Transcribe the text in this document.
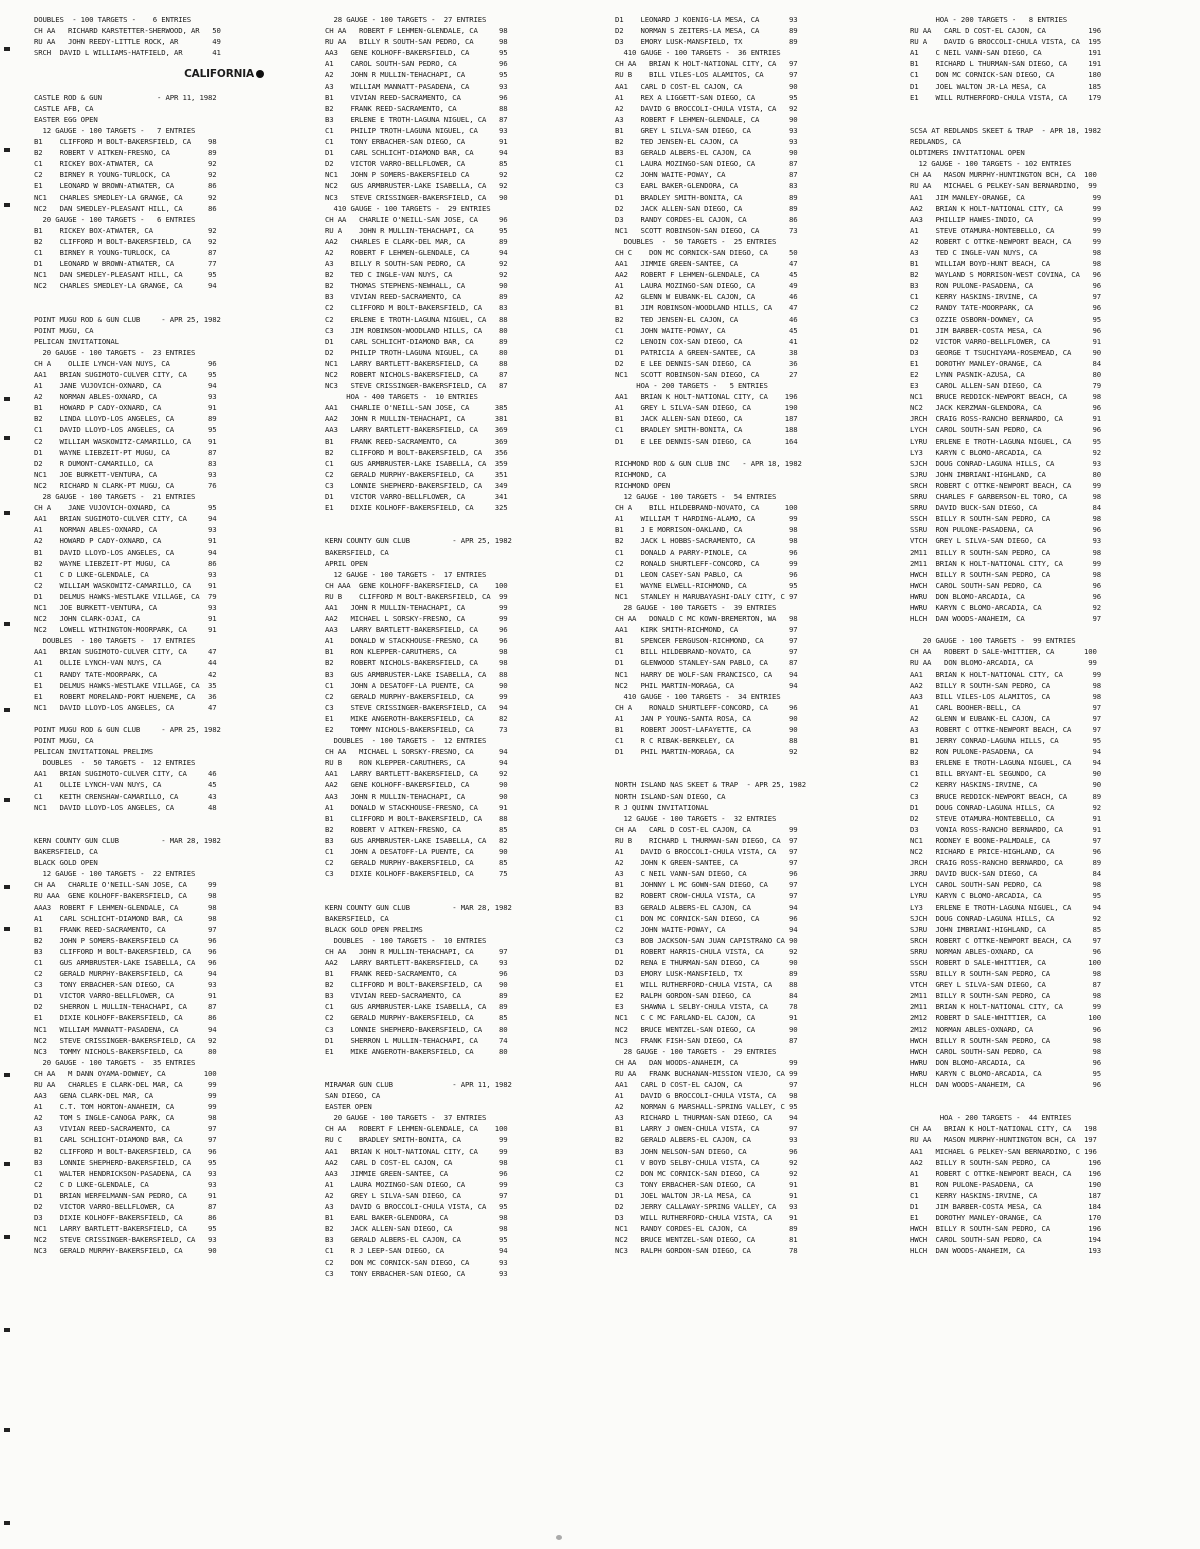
DOUBLES  - 100 TARGETS -    6 ENTRIES
CH AA   RICHARD KARSTETTER-SHERWOOD, AR   50
RU AA   JOHN REEDY-LITTLE ROCK, AR        49
SRCH  DAVID L WILLIAMS-HATFIELD, AR       41
CALIFORNIA
CASTLE ROD & GUN             - APR 11, 1982
CASTLE AFB, CA
EASTER EGG OPEN
12 GAUGE - 100 TARGETS -   7 ENTRIES
B1    CLIFFORD M BOLT-BAKERSFIELD, CA    98
B2    ROBERT V AITKEN-FRESNO, CA         89
C1    RICKEY BOX-ATWATER, CA             92
C2    BIRNEY R YOUNG-TURLOCK, CA         92
E1    LEONARD W BROWN-ATWATER, CA        86
NC1   CHARLES SMEDLEY-LA GRANGE, CA      92
NC2   DAN SMEDLEY-PLEASANT HILL, CA      86
20 GAUGE - 100 TARGETS -   6 ENTRIES
B1    RICKEY BOX-ATWATER, CA             92
B2    CLIFFORD M BOLT-BAKERSFIELD, CA    92
C1    BIRNEY R YOUNG-TURLOCK, CA         87
D1    LEONARD W BROWN-ATWATER, CA        77
NC1   DAN SMEDLEY-PLEASANT HILL, CA      95
NC2   CHARLES SMEDLEY-LA GRANGE, CA      94
POINT MUGU ROD & GUN CLUB     - APR 25, 1982
POINT MUGU, CA
PELICAN INVITATIONAL
20 GAUGE - 100 TARGETS -  23 ENTRIES
CH A    OLLIE LYNCH-VAN NUYS, CA         96
AA1   BRIAN SUGIMOTO-CULVER CITY, CA     95
A1    JANE VUJOVICH-OXNARD, CA           94
A2    NORMAN ABLES-OXNARD, CA            93
B1    HOWARD P CADY-OXNARD, CA           91
B2    LINDA LLOYD-LOS ANGELES, CA        89
C1    DAVID LLOYD-LOS ANGELES, CA        95
C2    WILLIAM WASKOWITZ-CAMARILLO, CA    91
D1    WAYNE LIEBZEIT-PT MUGU, CA         87
D2    R DUMONT-CAMARILLO, CA             83
NC1   JOE BURKETT-VENTURA, CA            93
NC2   RICHARD N CLARK-PT MUGU, CA        76
28 GAUGE - 100 TARGETS -  21 ENTRIES
CH A    JANE VUJOVICH-OXNARD, CA         95
AA1   BRIAN SUGIMOTO-CULVER CITY, CA     94
A1    NORMAN ABLES-OXNARD, CA            93
A2    HOWARD P CADY-OXNARD, CA           91
B1    DAVID LLOYD-LOS ANGELES, CA        94
B2    WAYNE LIEBZEIT-PT MUGU, CA         86
C1    C D LUKE-GLENDALE, CA              93
C2    WILLIAM WASKOWITZ-CAMARILLO, CA    91
D1    DELMUS HAWKS-WESTLAKE VILLAGE, CA  79
NC1   JOE BURKETT-VENTURA, CA            93
NC2   JOHN CLARK-OJAI, CA                91
NC2   LOWELL WITHINGTON-MOORPARK, CA     91
DOUBLES  - 100 TARGETS -  17 ENTRIES
AA1   BRIAN SUGIMOTO-CULVER CITY, CA     47
A1    OLLIE LYNCH-VAN NUYS, CA           44
C1    RANDY TATE-MOORPARK, CA            42
E1    DELMUS HAWKS-WESTLAKE VILLAGE, CA  35
E1    ROBERT MORELAND-PORT HUENEME, CA   36
NC1   DAVID LLOYD-LOS ANGELES, CA        47
POINT MUGU ROD & GUN CLUB     - APR 25, 1982
POINT MUGU, CA
PELICAN INVITATIONAL PRELIMS
DOUBLES  -  50 TARGETS -  12 ENTRIES
AA1   BRIAN SUGIMOTO-CULVER CITY, CA     46
A1    OLLIE LYNCH-VAN NUYS, CA           45
C1    KEITH CRENSHAW-CAMARILLO, CA       43
NC1   DAVID LLOYD-LOS ANGELES, CA        48
KERN COUNTY GUN CLUB          - MAR 28, 1982
BAKERSFIELD, CA
BLACK GOLD OPEN
12 GAUGE - 100 TARGETS -  22 ENTRIES
CH AA   CHARLIE O'NEILL-SAN JOSE, CA     99
RU AAA  GENE KOLHOFF-BAKERSFIELD, CA     98
AAA3  ROBERT F LEHMEN-GLENDALE, CA       98
A1    CARL SCHLICHT-DIAMOND BAR, CA      98
B1    FRANK REED-SACRAMENTO, CA          97
B2    JOHN P SOMERS-BAKERSFIELD CA       96
B3    CLIFFORD M BOLT-BAKERSFIELD, CA    96
C1    GUS ARMBRUSTER-LAKE ISABELLA, CA   96
C2    GERALD MURPHY-BAKERSFIELD, CA      94
C3    TONY ERBACHER-SAN DIEGO, CA        93
D1    VICTOR VARRO-BELLFLOWER, CA        91
D2    SHERRON L MULLIN-TEHACHAPI, CA     87
E1    DIXIE KOLHOFF-BAKERSFIELD, CA      86
NC1   WILLIAM MANNATT-PASADENA, CA       94
NC2   STEVE CRISSINGER-BAKERSFIELD, CA   92
NC3   TOMMY NICHOLS-BAKERSFIELD, CA      80
20 GAUGE - 100 TARGETS -  35 ENTRIES
CH AA   M DANN OYAMA-DOWNEY, CA         100
RU AA   CHARLES E CLARK-DEL MAR, CA      99
AA3   GENA CLARK-DEL MAR, CA             99
A1    C.T. TOM HORTON-ANAHEIM, CA        99
A2    TOM S INGLE-CANOGA PARK, CA        98
A3    VIVIAN REED-SACRAMENTO, CA         97
B1    CARL SCHLICHT-DIAMOND BAR, CA      97
B2    CLIFFORD M BOLT-BAKERSFIELD, CA    96
B3    LONNIE SHEPHERD-BAKERSFIELD, CA    95
C1    WALTER HENDRICKSON-PASADENA, CA    93
C2    C D LUKE-GLENDALE, CA              93
D1    BRIAN WERFELMANN-SAN PEDRO, CA     91
D2    VICTOR VARRO-BELLFLOWER, CA        87
D3    DIXIE KOLHOFF-BAKERSFIELD, CA      86
NC1   LARRY BARTLETT-BAKERSFIELD, CA     95
NC2   STEVE CRISSINGER-BAKERSFIELD, CA   93
NC3   GERALD MURPHY-BAKERSFIELD, CA      90
28 GAUGE - 100 TARGETS -  27 ENTRIES
CH AA   ROBERT F LEHMEN-GLENDALE, CA     98
RU AA   BILLY R SOUTH-SAN PEDRO, CA      98
AA3   GENE KOLHOFF-BAKERSFIELD, CA       95
A1    CAROL SOUTH-SAN PEDRO, CA          96
A2    JOHN R MULLIN-TEHACHAPI, CA        95
A3    WILLIAM MANNATT-PASADENA, CA       93
B1    VIVIAN REED-SACRAMENTO, CA         96
B2    FRANK REED-SACRAMENTO, CA          88
B3    ERLENE E TROTH-LAGUNA NIGUEL, CA   87
C1    PHILIP TROTH-LAGUNA NIGUEL, CA     93
C1    TONY ERBACHER-SAN DIEGO, CA        91
D1    CARL SCHLICHT-DIAMOND BAR, CA      94
D2    VICTOR VARRO-BELLFLOWER, CA        85
NC1   JOHN P SOMERS-BAKERSFIELD CA       92
NC2   GUS ARMBRUSTER-LAKE ISABELLA, CA   92
NC3   STEVE CRISSINGER-BAKERSFIELD, CA   90
410 GAUGE - 100 TARGETS -  29 ENTRIES
CH AA   CHARLIE O'NEILL-SAN JOSE, CA     96
RU A    JOHN R MULLIN-TEHACHAPI, CA      95
AA2   CHARLES E CLARK-DEL MAR, CA        89
A2    ROBERT F LEHMEN-GLENDALE, CA       94
A3    BILLY R SOUTH-SAN PEDRO, CA        92
B2    TED C INGLE-VAN NUYS, CA           92
B2    THOMAS STEPHENS-NEWHALL, CA        90
B3    VIVIAN REED-SACRAMENTO, CA         89
C2    CLIFFORD M BOLT-BAKERSFIELD, CA    83
C2    ERLENE E TROTH-LAGUNA NIGUEL, CA   88
C3    JIM ROBINSON-WOODLAND HILLS, CA    80
D1    CARL SCHLICHT-DIAMOND BAR, CA      89
D2    PHILIP TROTH-LAGUNA NIGUEL, CA     80
NC1   LARRY BARTLETT-BAKERSFIELD, CA     88
NC2   ROBERT NICHOLS-BAKERSFIELD, CA     87
NC3   STEVE CRISSINGER-BAKERSFIELD, CA   87
HOA - 400 TARGETS -  10 ENTRIES
AA1   CHARLIE O'NEILL-SAN JOSE, CA      385
AA2   JOHN R MULLIN-TEHACHAPI, CA       381
AA3   LARRY BARTLETT-BAKERSFIELD, CA    369
B1    FRANK REED-SACRAMENTO, CA         369
B2    CLIFFORD M BOLT-BAKERSFIELD, CA   356
C1    GUS ARMBRUSTER-LAKE ISABELLA, CA  359
C2    GERALD MURPHY-BAKERSFIELD, CA     351
C3    LONNIE SHEPHERD-BAKERSFIELD, CA   349
D1    VICTOR VARRO-BELLFLOWER, CA       341
E1    DIXIE KOLHOFF-BAKERSFIELD, CA     325
KERN COUNTY GUN CLUB          - APR 25, 1982
BAKERSFIELD, CA
APRIL OPEN
12 GAUGE - 100 TARGETS -  17 ENTRIES
CH AAA  GENE KOLHOFF-BAKERSFIELD, CA    100
RU B    CLIFFORD M BOLT-BAKERSFIELD, CA  99
AA1   JOHN R MULLIN-TEHACHAPI, CA        99
AA2   MICHAEL L SORSKY-FRESNO, CA        99
AA3   LARRY BARTLETT-BAKERSFIELD, CA     96
A1    DONALD W STACKHOUSE-FRESNO, CA     96
B1    RON KLEPPER-CARUTHERS, CA          98
B2    ROBERT NICHOLS-BAKERSFIELD, CA     98
B3    GUS ARMBRUSTER-LAKE ISABELLA, CA   88
C1    JOHN A DESATOFF-LA PUENTE, CA      90
C2    GERALD MURPHY-BAKERSFIELD, CA      99
C3    STEVE CRISSINGER-BAKERSFIELD, CA   94
E1    MIKE ANGEROTH-BAKERSFIELD, CA      82
E2    TOMMY NICHOLS-BAKERSFIELD, CA      73
DOUBLES  - 100 TARGETS -  12 ENTRIES
CH AA   MICHAEL L SORSKY-FRESNO, CA      94
RU B    RON KLEPPER-CARUTHERS, CA        94
AA1   LARRY BARTLETT-BAKERSFIELD, CA     92
AA2   GENE KOLHOFF-BAKERSFIELD, CA       90
AA3   JOHN R MULLIN-TEHACHAPI, CA        90
A1    DONALD W STACKHOUSE-FRESNO, CA     91
B1    CLIFFORD M BOLT-BAKERSFIELD, CA    88
B2    ROBERT V AITKEN-FRESNO, CA         85
B3    GUS ARMBRUSTER-LAKE ISABELLA, CA   82
C1    JOHN A DESATOFF-LA PUENTE, CA      90
C2    GERALD MURPHY-BAKERSFIELD, CA      85
C3    DIXIE KOLHOFF-BAKERSFIELD, CA      75
KERN COUNTY GUN CLUB          - MAR 28, 1982
BAKERSFIELD, CA
BLACK GOLD OPEN PRELIMS
DOUBLES  - 100 TARGETS -  10 ENTRIES
CH AA   JOHN R MULLIN-TEHACHAPI, CA      97
AA2   LARRY BARTLETT-BAKERSFIELD, CA     93
B1    FRANK REED-SACRAMENTO, CA          96
B2    CLIFFORD M BOLT-BAKERSFIELD, CA    90
B3    VIVIAN REED-SACRAMENTO, CA         89
C1    GUS ARMBRUSTER-LAKE ISABELLA, CA   89
C2    GERALD MURPHY-BAKERSFIELD, CA      85
C3    LONNIE SHEPHERD-BAKERSFIELD, CA    80
D1    SHERRON L MULLIN-TEHACHAPI, CA     74
E1    MIKE ANGEROTH-BAKERSFIELD, CA      80
MIRAMAR GUN CLUB              - APR 11, 1982
SAN DIEGO, CA
EASTER OPEN
20 GAUGE - 100 TARGETS -  37 ENTRIES
CH AA   ROBERT F LEHMEN-GLENDALE, CA    100
RU C    BRADLEY SMITH-BONITA, CA         99
AA1   BRIAN K HOLT-NATIONAL CITY, CA     99
AA2   CARL D COST-EL CAJON, CA           98
AA3   JIMMIE GREEN-SANTEE, CA            96
A1    LAURA MOZINGO-SAN DIEGO, CA        99
A2    GREY L SILVA-SAN DIEGO, CA         97
A3    DAVID G BROCCOLI-CHULA VISTA, CA   95
B1    EARL BAKER-GLENDORA, CA            98
B2    JACK ALLEN-SAN DIEGO, CA           98
B3    GERALD ALBERS-EL CAJON, CA         95
C1    R J LEEP-SAN DIEGO, CA             94
C2    DON MC CORNICK-SAN DIEGO, CA       93
C3    TONY ERBACHER-SAN DIEGO, CA        93
D1    LEONARD J KOENIG-LA MESA, CA       93
D2    NORMAN S ZEITERS-LA MESA, CA       89
D3    EMORY LUSK-MANSFIELD, TX           89
410 GAUGE - 100 TARGETS -  36 ENTRIES
CH AA   BRIAN K HOLT-NATIONAL CITY, CA   97
RU B    BILL VILES-LOS ALAMITOS, CA      97
AA1   CARL D COST-EL CAJON, CA           90
A1    REX A LIGGETT-SAN DIEGO, CA        95
A2    DAVID G BROCCOLI-CHULA VISTA, CA   92
A3    ROBERT F LEHMEN-GLENDALE, CA       90
B1    GREY L SILVA-SAN DIEGO, CA         93
B2    TED JENSEN-EL CAJON, CA            93
B3    GERALD ALBERS-EL CAJON, CA         90
C1    LAURA MOZINGO-SAN DIEGO, CA        87
C2    JOHN WAITE-POWAY, CA               87
C3    EARL BAKER-GLENDORA, CA            83
D1    BRADLEY SMITH-BONITA, CA           89
D2    JACK ALLEN-SAN DIEGO, CA           89
D3    RANDY CORDES-EL CAJON, CA          86
NC1   SCOTT ROBINSON-SAN DIEGO, CA       73
DOUBLES  -  50 TARGETS -  25 ENTRIES
CH C    DON MC CORNICK-SAN DIEGO, CA     50
AA1   JIMMIE GREEN-SANTEE, CA            47
AA2   ROBERT F LEHMEN-GLENDALE, CA       45
A1    LAURA MOZINGO-SAN DIEGO, CA        49
A2    GLENN W EUBANK-EL CAJON, CA        46
B1    JIM ROBINSON-WOODLAND HILLS, CA    47
B2    TED JENSEN-EL CAJON, CA            46
C1    JOHN WAITE-POWAY, CA               45
C2    LENOIN COX-SAN DIEGO, CA           41
D1    PATRICIA A GREEN-SANTEE, CA        38
D2    E LEE DENNIS-SAN DIEGO, CA         36
NC1   SCOTT ROBINSON-SAN DIEGO, CA       27
HOA - 200 TARGETS -   5 ENTRIES
AA1   BRIAN K HOLT-NATIONAL CITY, CA    196
A1    GREY L SILVA-SAN DIEGO, CA        190
B1    JACK ALLEN-SAN DIEGO, CA          187
C1    BRADLEY SMITH-BONITA, CA          188
D1    E LEE DENNIS-SAN DIEGO, CA        164
RICHMOND ROD & GUN CLUB INC   - APR 18, 1982
RICHMOND, CA
RICHMOND OPEN
12 GAUGE - 100 TARGETS -  54 ENTRIES
CH A    BILL HILDEBRAND-NOVATO, CA      100
A1    WILLIAM T HARDING-ALAMO, CA        99
B1    J E MORRISON-OAKLAND, CA           98
B2    JACK L HOBBS-SACRAMENTO, CA        98
C1    DONALD A PARRY-PINOLE, CA          96
C2    RONALD SHURTLEFF-CONCORD, CA       99
D1    LEON CASEY-SAN PABLO, CA           96
E1    WAYNE ELWELL-RICHMOND, CA          95
NC1   STANLEY H MARUBAYASHI-DALY CITY, C 97
28 GAUGE - 100 TARGETS -  39 ENTRIES
CH AA   DONALD C MC KOWN-BREMERTON, WA   98
AA1   KIRK SMITH-RICHMOND, CA            97
B1    SPENCER FERGUSON-RICHMOND, CA      97
C1    BILL HILDEBRAND-NOVATO, CA         97
D1    GLENWOOD STANLEY-SAN PABLO, CA     87
NC1   HARRY DE WOLF-SAN FRANCISCO, CA    94
NC2   PHIL MARTIN-MORAGA, CA             94
410 GAUGE - 100 TARGETS -  34 ENTRIES
CH A    RONALD SHURTLEFF-CONCORD, CA     96
A1    JAN P YOUNG-SANTA ROSA, CA         90
B1    ROBERT JOOST-LAFAYETTE, CA         90
C1    R C RIBAK-BERKELEY, CA             88
D1    PHIL MARTIN-MORAGA, CA             92
NORTH ISLAND NAS SKEET & TRAP  - APR 25, 1982
NORTH ISLAND-SAN DIEGO, CA
R J QUINN INVITATIONAL
12 GAUGE - 100 TARGETS -  32 ENTRIES
CH AA   CARL D COST-EL CAJON, CA         99
RU B    RICHARD L THURMAN-SAN DIEGO, CA  97
A1    DAVID G BROCCOLI-CHULA VISTA, CA   97
A2    JOHN K GREEN-SANTEE, CA            97
A3    C NEIL VANN-SAN DIEGO, CA          96
B1    JOHNNY L MC GOWN-SAN DIEGO, CA     97
B2    ROBERT CROW-CHULA VISTA, CA        97
B3    GERALD ALBERS-EL CAJON, CA         94
C1    DON MC CORNICK-SAN DIEGO, CA       96
C2    JOHN WAITE-POWAY, CA               94
C3    BOB JACKSON-SAN JUAN CAPISTRANO CA 90
D1    ROBERT HARRIS-CHULA VISTA, CA      92
D2    RENA E THURMAN-SAN DIEGO, CA       90
D3    EMORY LUSK-MANSFIELD, TX           89
E1    WILL RUTHERFORD-CHULA VISTA, CA    88
E2    RALPH GORDON-SAN DIEGO, CA         84
E3    SHAWNA L SELBY-CHULA VISTA, CA     78
NC1   C C MC FARLAND-EL CAJON, CA        91
NC2   BRUCE WENTZEL-SAN DIEGO, CA        90
NC3   FRANK FISH-SAN DIEGO, CA           87
28 GAUGE - 100 TARGETS -  29 ENTRIES
CH AA   DAN WOODS-ANAHEIM, CA            99
RU AA   FRANK BUCHANAN-MISSION VIEJO, CA 99
AA1   CARL D COST-EL CAJON, CA           97
A1    DAVID G BROCCOLI-CHULA VISTA, CA   98
A2    NORMAN G MARSHALL-SPRING VALLEY, C 95
A3    RICHARD L THURMAN-SAN DIEGO, CA    94
B1    LARRY J OWEN-CHULA VISTA, CA       97
B2    GERALD ALBERS-EL CAJON, CA         93
B3    JOHN NELSON-SAN DIEGO, CA          96
C1    V BOYD SELBY-CHULA VISTA, CA       92
C2    DON MC CORNICK-SAN DIEGO, CA       92
C3    TONY ERBACHER-SAN DIEGO, CA        91
D1    JOEL WALTON JR-LA MESA, CA         91
D2    JERRY CALLAWAY-SPRING VALLEY, CA   93
D3    WILL RUTHERFORD-CHULA VISTA, CA    91
NC1   RANDY CORDES-EL CAJON, CA          89
NC2   BRUCE WENTZEL-SAN DIEGO, CA        81
NC3   RALPH GORDON-SAN DIEGO, CA         78
HOA - 200 TARGETS -   8 ENTRIES
RU AA   CARL D COST-EL CAJON, CA          196
RU A    DAVID G BROCCOLI-CHULA VISTA, CA  195
A1    C NEIL VANN-SAN DIEGO, CA           191
B1    RICHARD L THURMAN-SAN DIEGO, CA     191
C1    DON MC CORNICK-SAN DIEGO, CA        180
D1    JOEL WALTON JR-LA MESA, CA          185
E1    WILL RUTHERFORD-CHULA VISTA, CA     179
SCSA AT REDLANDS SKEET & TRAP  - APR 18, 1982
REDLANDS, CA
OLDTIMERS INVITATIONAL OPEN
12 GAUGE - 100 TARGETS - 102 ENTRIES
CH AA   MASON MURPHY-HUNTINGTON BCH, CA  100
RU AA   MICHAEL G PELKEY-SAN BERNARDINO,  99
AA1   JIM MANLEY-ORANGE, CA                99
AA2   BRIAN K HOLT-NATIONAL CITY, CA       99
AA3   PHILLIP HAWES-INDIO, CA              99
A1    STEVE OTAMURA-MONTEBELLO, CA         99
A2    ROBERT C OTTKE-NEWPORT BEACH, CA     99
A3    TED C INGLE-VAN NUYS, CA             98
B1    WILLIAM BOYD-HUNT BEACH, CA          98
B2    WAYLAND S MORRISON-WEST COVINA, CA   96
B3    RON PULONE-PASADENA, CA              96
C1    KERRY HASKINS-IRVINE, CA             97
C2    RANDY TATE-MOORPARK, CA              96
C3    OZZIE OSBORN-DOWNEY, CA              95
D1    JIM BARBER-COSTA MESA, CA            96
D2    VICTOR VARRO-BELLFLOWER, CA          91
D3    GEORGE T TSUCHIYAMA-ROSEMEAD, CA     90
E1    DOROTHY MANLEY-ORANGE, CA            84
E2    LYNN PASNIK-AZUSA, CA                80
E3    CAROL ALLEN-SAN DIEGO, CA            79
NC1   BRUCE REDDICK-NEWPORT BEACH, CA      98
NC2   JACK KERZMAN-GLENDORA, CA            96
JRCH  CRAIG ROSS-RANCHO BERNARDO, CA       91
LYCH  CAROL SOUTH-SAN PEDRO, CA            96
LYRU  ERLENE E TROTH-LAGUNA NIGUEL, CA     95
LY3   KARYN C BLOMO-ARCADIA, CA            92
SJCH  DOUG CONRAD-LAGUNA HILLS, CA         93
SJRU  JOHN IMBRIANI-HIGHLAND, CA           80
SRCH  ROBERT C OTTKE-NEWPORT BEACH, CA     99
SRRU  CHARLES F GARBERSON-EL TORO, CA      98
SRRU  DAVID BUCK-SAN DIEGO, CA             84
SSCH  BILLY R SOUTH-SAN PEDRO, CA          98
SSRU  RON PULONE-PASADENA, CA              96
VTCH  GREY L SILVA-SAN DIEGO, CA           93
2M11  BILLY R SOUTH-SAN PEDRO, CA          98
2M11  BRIAN K HOLT-NATIONAL CITY, CA       99
HWCH  BILLY R SOUTH-SAN PEDRO, CA          98
HWCH  CAROL SOUTH-SAN PEDRO, CA            96
HWRU  DON BLOMO-ARCADIA, CA                96
HWRU  KARYN C BLOMO-ARCADIA, CA            92
HLCH  DAN WOODS-ANAHEIM, CA                97
20 GAUGE - 100 TARGETS -  99 ENTRIES
CH AA   ROBERT D SALE-WHITTIER, CA       100
RU AA   DON BLOMO-ARCADIA, CA             99
AA1   BRIAN K HOLT-NATIONAL CITY, CA       99
AA2   BILLY R SOUTH-SAN PEDRO, CA          98
AA3   BILL VILES-LOS ALAMITOS, CA          98
A1    CARL BOOHER-BELL, CA                 97
A2    GLENN W EUBANK-EL CAJON, CA          97
A3    ROBERT C OTTKE-NEWPORT BEACH, CA     97
B1    JERRY CONRAD-LAGUNA HILLS, CA        95
B2    RON PULONE-PASADENA, CA              94
B3    ERLENE E TROTH-LAGUNA NIGUEL, CA     94
C1    BILL BRYANT-EL SEGUNDO, CA           90
C2    KERRY HASKINS-IRVINE, CA             90
C3    BRUCE REDDICK-NEWPORT BEACH, CA      89
D1    DOUG CONRAD-LAGUNA HILLS, CA         92
D2    STEVE OTAMURA-MONTEBELLO, CA         91
D3    VONIA ROSS-RANCHO BERNARDO, CA       91
NC1   RODNEY E BOONE-PALMDALE, CA          97
NC2   RICHARD E PRICE-HIGHLAND, CA         96
JRCH  CRAIG ROSS-RANCHO BERNARDO, CA       89
JRRU  DAVID BUCK-SAN DIEGO, CA             84
LYCH  CAROL SOUTH-SAN PEDRO, CA            98
LYRU  KARYN C BLOMO-ARCADIA, CA            95
LY3   ERLENE E TROTH-LAGUNA NIGUEL, CA     94
SJCH  DOUG CONRAD-LAGUNA HILLS, CA         92
SJRU  JOHN IMBRIANI-HIGHLAND, CA           85
SRCH  ROBERT C OTTKE-NEWPORT BEACH, CA     97
SRRU  NORMAN ABLES-OXNARD, CA              96
SSCH  ROBERT D SALE-WHITTIER, CA          100
SSRU  BILLY R SOUTH-SAN PEDRO, CA          98
VTCH  GREY L SILVA-SAN DIEGO, CA           87
2M11  BILLY R SOUTH-SAN PEDRO, CA          98
2M11  BRIAN K HOLT-NATIONAL CITY, CA       99
2M12  ROBERT D SALE-WHITTIER, CA          100
2M12  NORMAN ABLES-OXNARD, CA              96
HWCH  BILLY R SOUTH-SAN PEDRO, CA          98
HWCH  CAROL SOUTH-SAN PEDRO, CA            98
HWRU  DON BLOMO-ARCADIA, CA                96
HWRU  KARYN C BLOMO-ARCADIA, CA            95
HLCH  DAN WOODS-ANAHEIM, CA                96
HOA - 200 TARGETS -  44 ENTRIES
CH AA   BRIAN K HOLT-NATIONAL CITY, CA   198
RU AA   MASON MURPHY-HUNTINGTON BCH, CA  197
AA1   MICHAEL G PELKEY-SAN BERNARDINO, C 196
AA2   BILLY R SOUTH-SAN PEDRO, CA         196
A1    ROBERT C OTTKE-NEWPORT BEACH, CA    196
B1    RON PULONE-PASADENA, CA             190
C1    KERRY HASKINS-IRVINE, CA            187
D1    JIM BARBER-COSTA MESA, CA           184
E1    DOROTHY MANLEY-ORANGE, CA           170
HWCH  BILLY R SOUTH-SAN PEDRO, CA         196
HWCH  CAROL SOUTH-SAN PEDRO, CA           194
HLCH  DAN WOODS-ANAHEIM, CA               193
